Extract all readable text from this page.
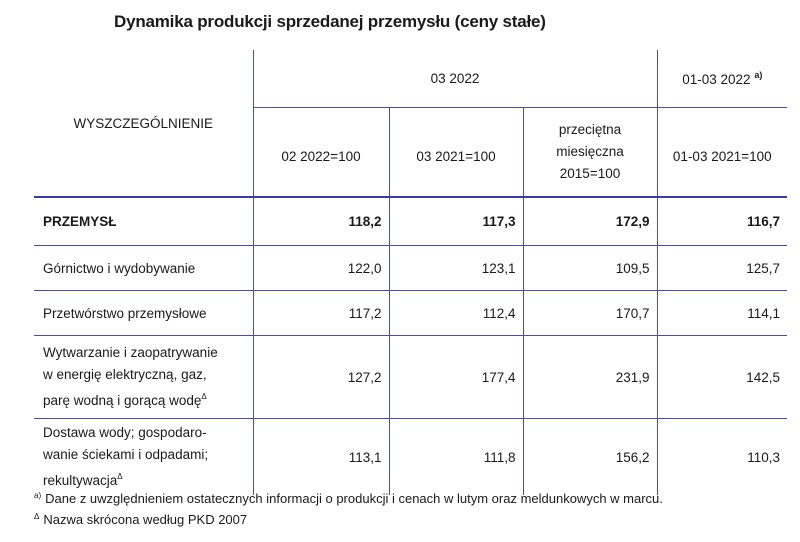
Dynamika produkcji sprzedanej przemysłu (ceny stałe)
WYSZCZEGÓLNIENIE	03 2022			01-03 2022 $^{a)}$
	02 2022=100	03 2021=100	przeciętna
miesięczna
2015=100	01-03 2021=100
PRZEMYSŁ	118,2	117,3	172,9	116,7
Górnictwo i wydobywanie	122,0	123,1	109,5	125,7
Przetwórstwo przemysłowe	117,2	112,4	170,7	114,1

Wytwarzanie i zaopatrywanie
w energię elektryczną, gaz,
parę wodną i gorącą wodę$^\Delta$	127,2	177,4	231,9	142,5

Dostawa wody; gospodaro-
wanie ściekami i odpadami;
rekultywacja$^\Delta$	113,1	111,8	156,2	110,3
$^{a)}$ Dane z uwzględnieniem ostatecznych informacji o produkcji i cenach w lutym oraz meldunkowych w marcu.
$^\Delta$ Nazwa skrócona według PKD 2007
